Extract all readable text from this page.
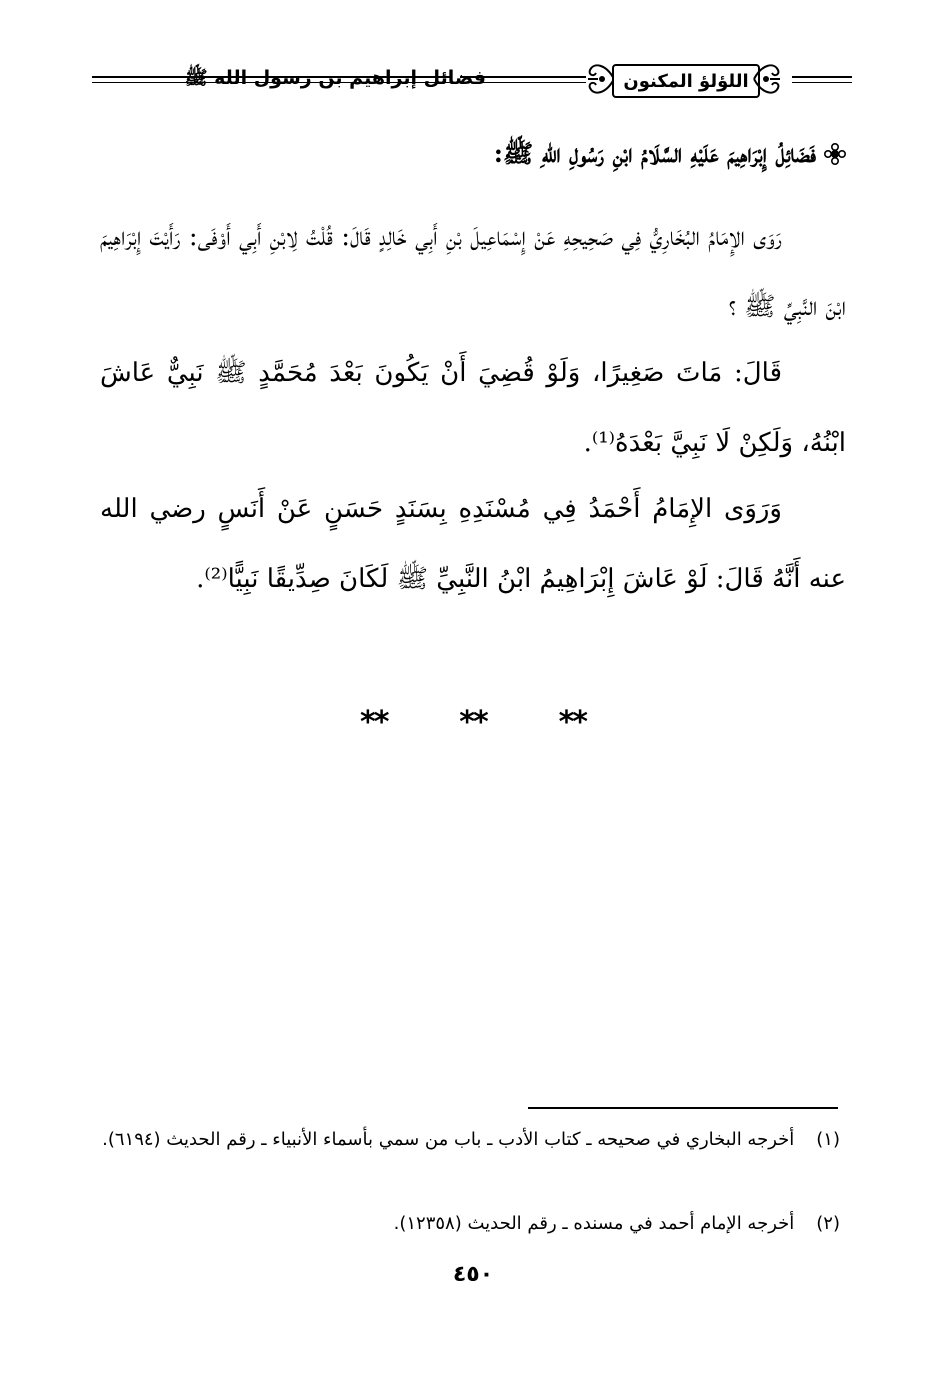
فضائل إبراهيم بن رسول الله ﷺ	اللؤلؤ المكنون
فَضَائِلُ إِبْرَاهِيمَ عَلَيْهِ السَّلَامُ ابْنِ رَسُولِ اللهِ ﷺ:
رَوَى الإِمَامُ البُخَارِيُّ فِي صَحِيحِهِ عَنْ إِسْمَاعِيلَ بْنِ أَبِي خَالِدٍ قَالَ: قُلْتُ لِابْنِ أَبِي أَوْفَى: رَأَيْتَ إِبْرَاهِيمَ ابْنَ النَّبِيِّ ﷺ ؟
قَالَ: مَاتَ صَغِيرًا، وَلَوْ قُضِيَ أَنْ يَكُونَ بَعْدَ مُحَمَّدٍ ﷺ نَبِيٌّ عَاشَ ابْنُهُ، وَلَكِنْ لَا نَبِيَّ بَعْدَهُ⁽¹⁾.
وَرَوَى الإِمَامُ أَحْمَدُ فِي مُسْنَدِهِ بِسَنَدٍ حَسَنٍ عَنْ أَنَسٍ رضي الله عنه أَنَّهُ قَالَ: لَوْ عَاشَ إِبْرَاهِيمُ ابْنُ النَّبِيِّ ﷺ لَكَانَ صِدِّيقًا نَبِيًّا⁽²⁾.
** ** **
(١) أخرجه البخاري في صحيحه ـ كتاب الأدب ـ باب من سمي بأسماء الأنبياء ـ رقم الحديث (٦١٩٤).
(٢) أخرجه الإمام أحمد في مسنده ـ رقم الحديث (١٢٣٥٨).
٤٥٠
